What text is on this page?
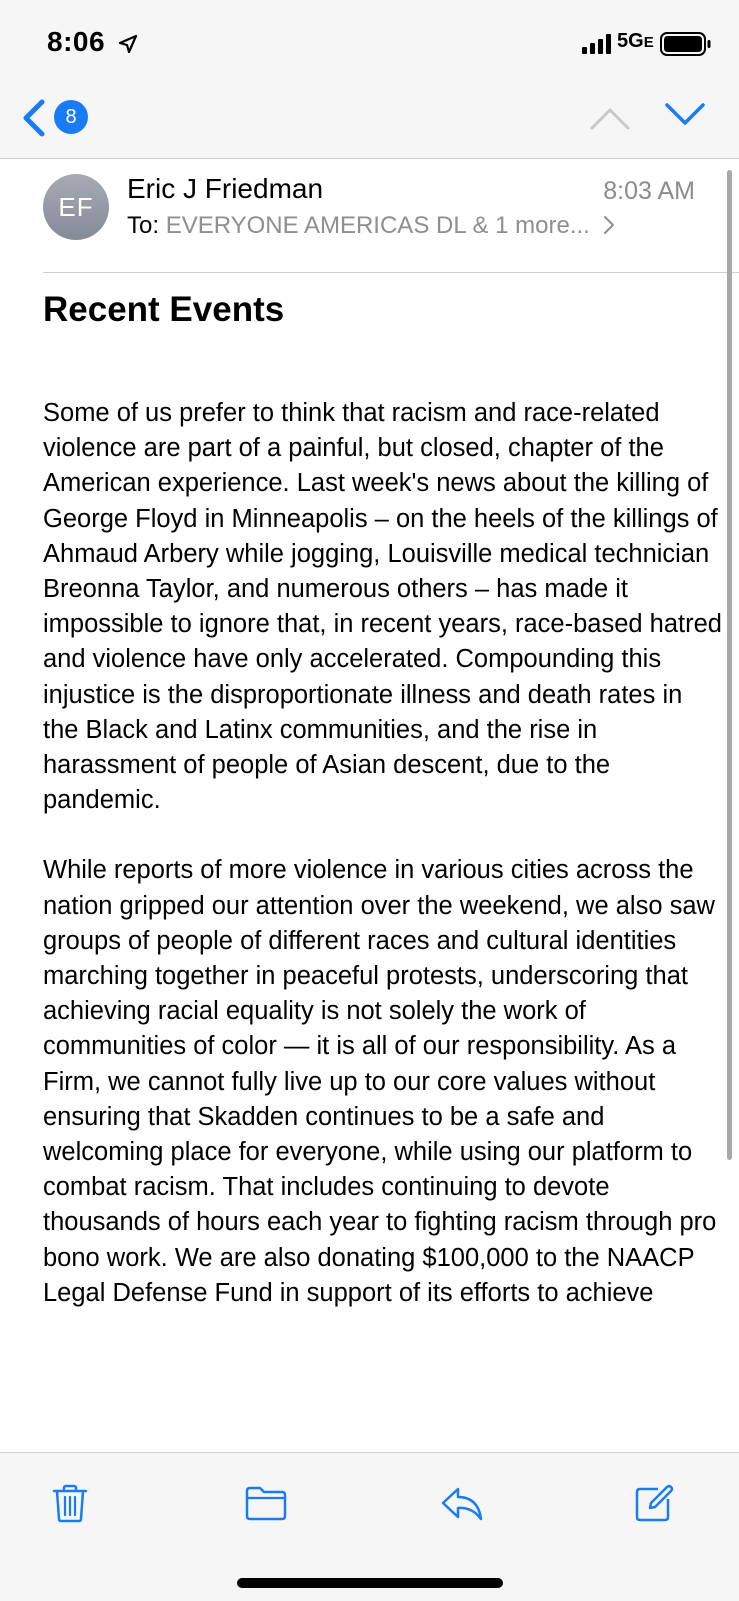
8:06	5GE
8
EF
Eric J Friedman	8:03 AM
To: EVERYONE AMERICAS DL & 1 more...
Recent Events

Some of us prefer to think that racism and race-related violence are part of a painful, but closed, chapter of the American experience. Last week's news about the killing of George Floyd in Minneapolis – on the heels of the killings of Ahmaud Arbery while jogging, Louisville medical technician Breonna Taylor, and numerous others – has made it impossible to ignore that, in recent years, race-based hatred and violence have only accelerated. Compounding this injustice is the disproportionate illness and death rates in the Black and Latinx communities, and the rise in harassment of people of Asian descent, due to the pandemic.

While reports of more violence in various cities across the nation gripped our attention over the weekend, we also saw groups of people of different races and cultural identities marching together in peaceful protests, underscoring that achieving racial equality is not solely the work of communities of color — it is all of our responsibility. As a Firm, we cannot fully live up to our core values without ensuring that Skadden continues to be a safe and welcoming place for everyone, while using our platform to combat racism. That includes continuing to devote thousands of hours each year to fighting racism through pro bono work. We are also donating $100,000 to the NAACP Legal Defense Fund in support of its efforts to achieve
